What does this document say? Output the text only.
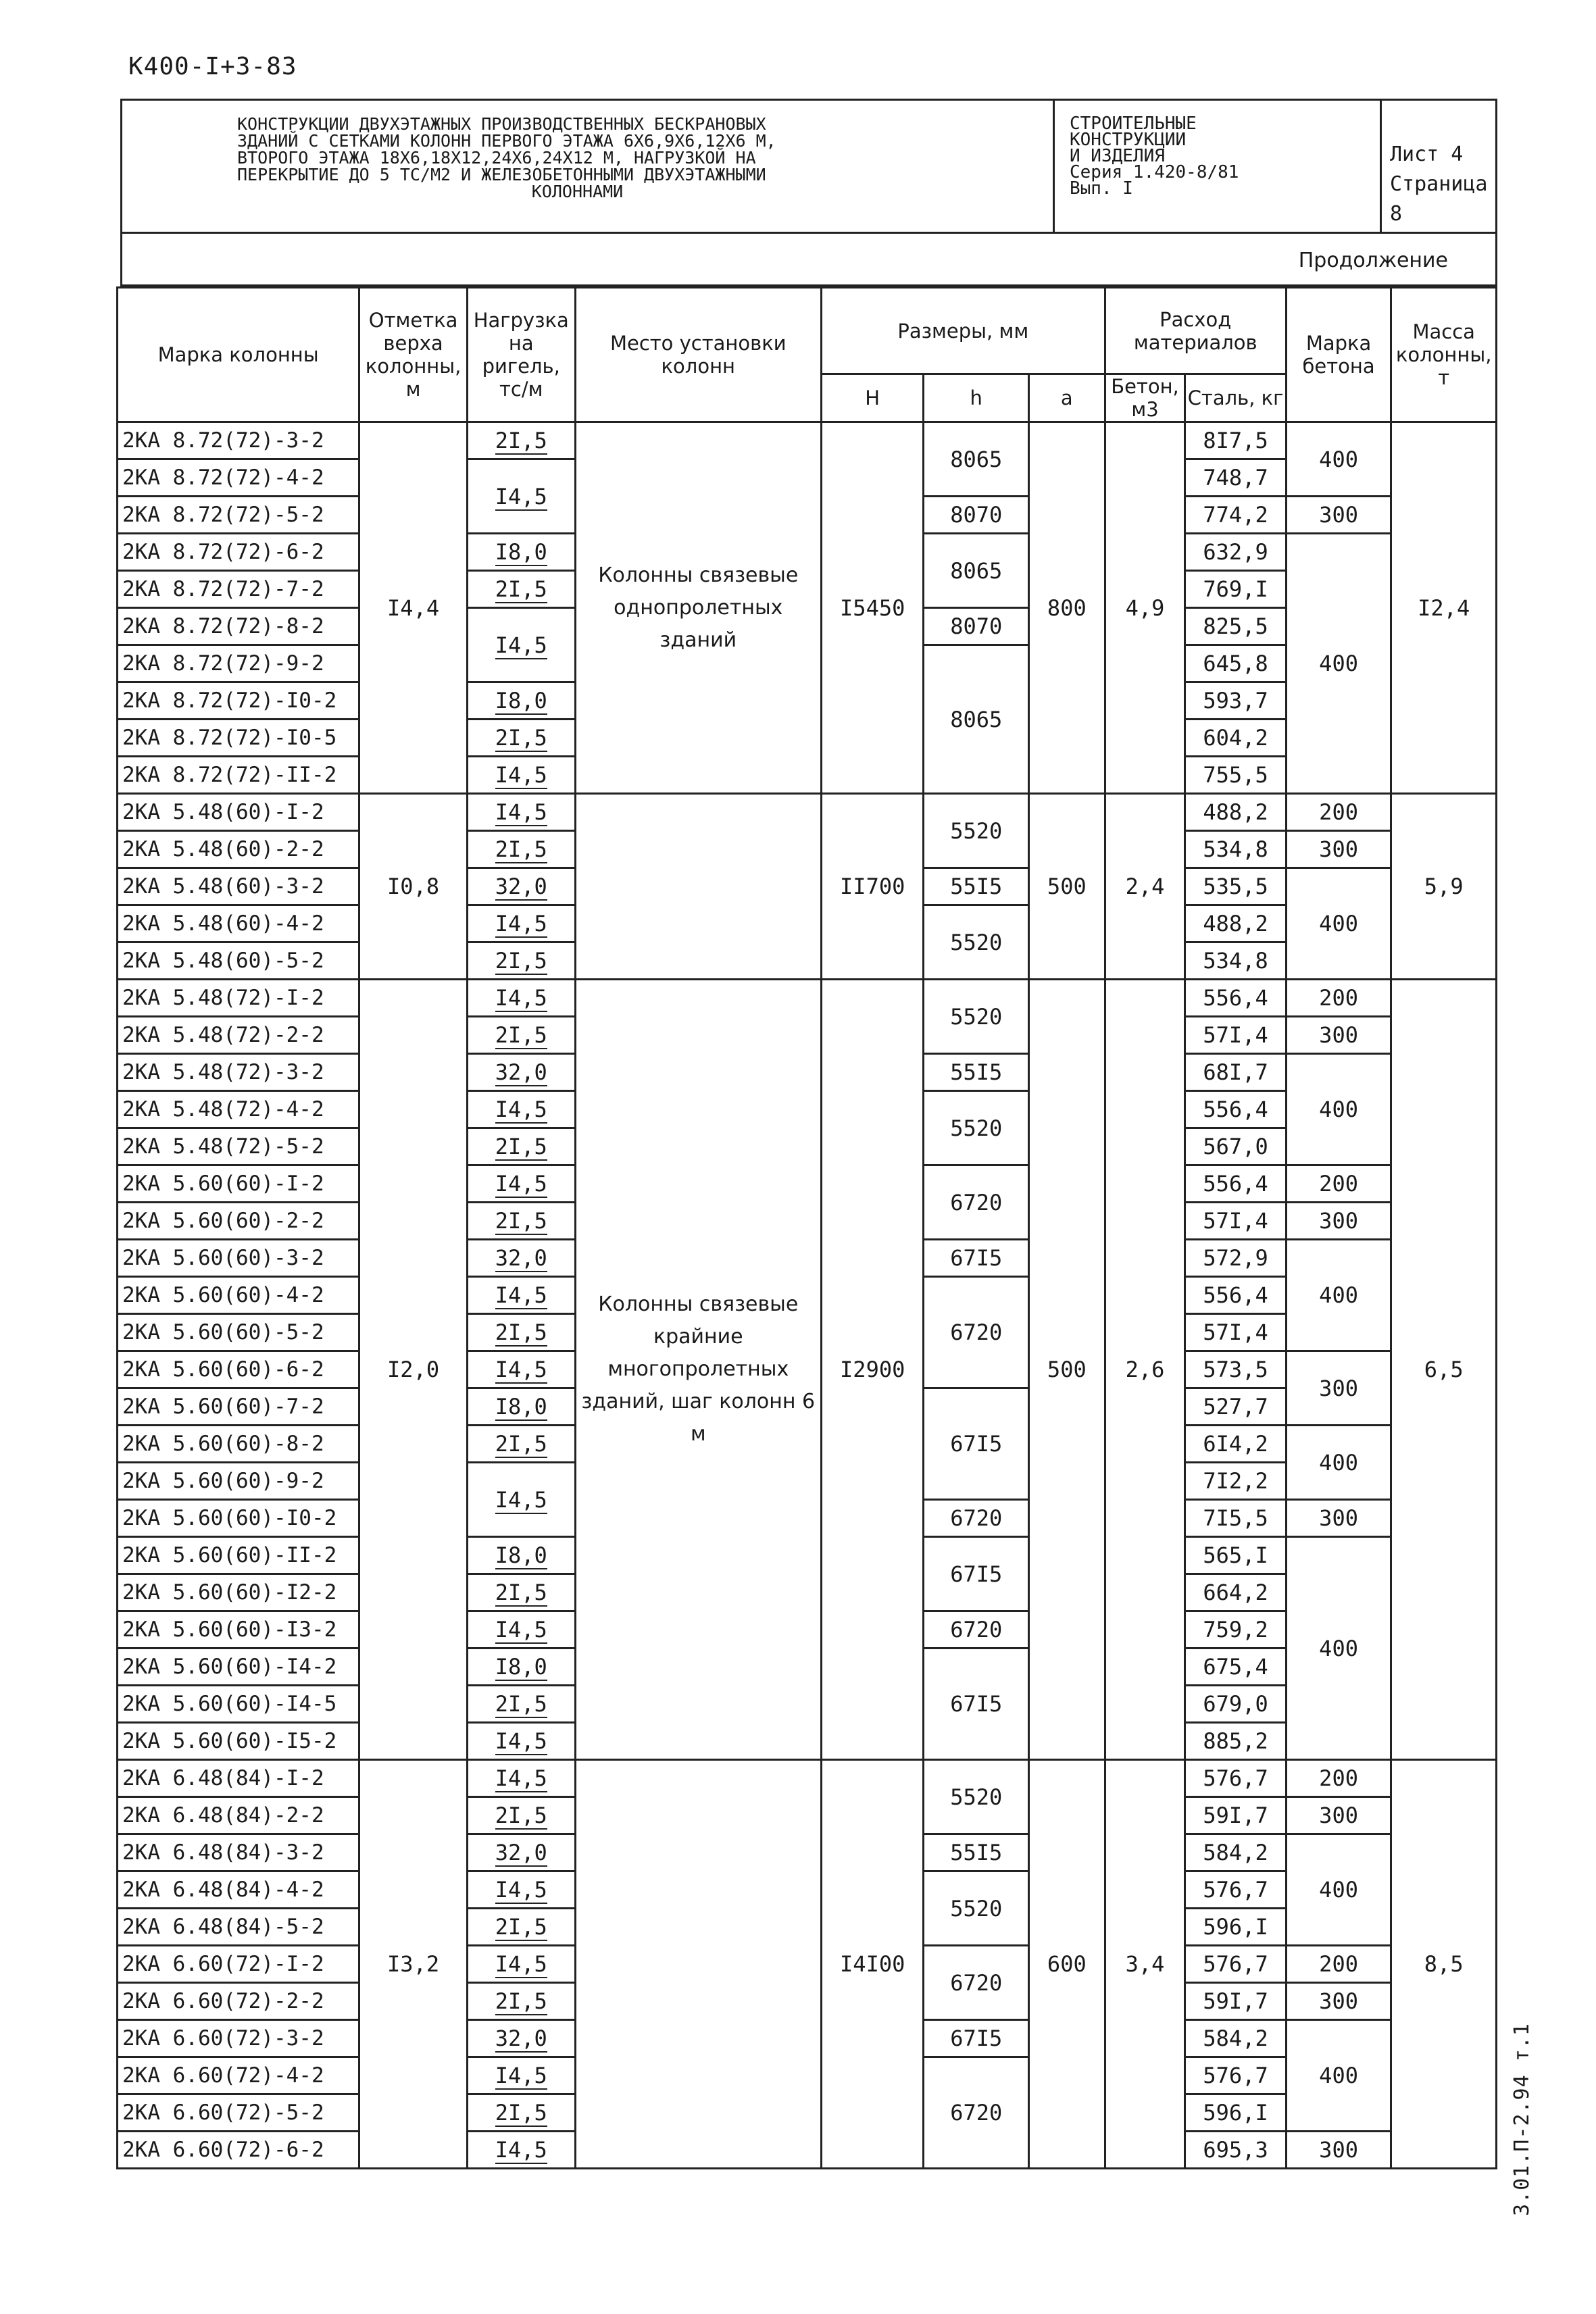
К400-I+3-83
3.01.П-2.94 т.1
КОНСТРУКЦИИ ДВУХЭТАЖНЫХ ПРОИЗВОДСТВЕННЫХ БЕСКРАНОВЫХ
ЗДАНИЙ С СЕТКАМИ КОЛОНН ПЕРВОГО ЭТАЖА 6Х6,9Х6,12Х6 М,
ВТОРОГО ЭТАЖА 18Х6,18Х12,24Х6,24Х12 М, НАГРУЗКОЙ НА
ПЕРЕКРЫТИЕ ДО 5 ТС/М2 И ЖЕЛЕЗОБЕТОННЫМИ ДВУХЭТАЖНЫМИ
КОЛОННАМИ
СТРОИТЕЛЬНЫЕ
КОНСТРУКЦИИ
И ИЗДЕЛИЯ
Серия 1.420-8/81
Вып. I
Лист 4
Страница 8
Продолжение
Марка колонны	Отметка верха колонны, м	Нагрузка на ригель, тс/м	Место установки колонн	Размеры, мм			Расход материалов		Марка бетона	Масса колонны, т
				Н	h	а	Бетон, м3	Сталь, кг		
2КА 8.72(72)-3-2	I4,4	2I,5	Колонны связевые однопролетных зданий	I5450	8065	800	4,9	8I7,5	400	I2,4
2КА 8.72(72)-4-2		I4,5						748,7		
2КА 8.72(72)-5-2					8070			774,2	300	
2КА 8.72(72)-6-2		I8,0			8065			632,9	400	
2КА 8.72(72)-7-2		2I,5						769,I		
2КА 8.72(72)-8-2		I4,5			8070			825,5		
2КА 8.72(72)-9-2					8065			645,8		
2КА 8.72(72)-I0-2		I8,0						593,7		
2КА 8.72(72)-I0-5		2I,5						604,2		
2КА 8.72(72)-II-2		I4,5						755,5		
2КА 5.48(60)-I-2	I0,8	I4,5		II700	5520	500	2,4	488,2	200	5,9
2КА 5.48(60)-2-2		2I,5						534,8	300	
2КА 5.48(60)-3-2		32,0			55I5			535,5	400	
2КА 5.48(60)-4-2		I4,5			5520			488,2		
2КА 5.48(60)-5-2		2I,5						534,8		
2КА 5.48(72)-I-2	I2,0	I4,5	Колонны связевые крайние многопролетных зданий, шаг колонн 6 м	I2900	5520	500	2,6	556,4	200	6,5
2КА 5.48(72)-2-2		2I,5						57I,4	300	
2КА 5.48(72)-3-2		32,0			55I5			68I,7	400	
2КА 5.48(72)-4-2		I4,5			5520			556,4		
2КА 5.48(72)-5-2		2I,5						567,0		
2КА 5.60(60)-I-2		I4,5			6720			556,4	200	
2КА 5.60(60)-2-2		2I,5						57I,4	300	
2КА 5.60(60)-3-2		32,0			67I5			572,9	400	
2КА 5.60(60)-4-2		I4,5			6720			556,4		
2КА 5.60(60)-5-2		2I,5						57I,4		
2КА 5.60(60)-6-2		I4,5						573,5	300	
2КА 5.60(60)-7-2		I8,0			67I5			527,7		
2КА 5.60(60)-8-2		2I,5						6I4,2	400	
2КА 5.60(60)-9-2		I4,5						7I2,2		
2КА 5.60(60)-I0-2					6720			7I5,5	300	
2КА 5.60(60)-II-2		I8,0			67I5			565,I	400	
2КА 5.60(60)-I2-2		2I,5						664,2		
2КА 5.60(60)-I3-2		I4,5			6720			759,2		
2КА 5.60(60)-I4-2		I8,0			67I5			675,4		
2КА 5.60(60)-I4-5		2I,5						679,0		
2КА 5.60(60)-I5-2		I4,5						885,2		
2КА 6.48(84)-I-2	I3,2	I4,5		I4I00	5520	600	3,4	576,7	200	8,5
2КА 6.48(84)-2-2		2I,5						59I,7	300	
2КА 6.48(84)-3-2		32,0			55I5			584,2	400	
2КА 6.48(84)-4-2		I4,5			5520			576,7		
2КА 6.48(84)-5-2		2I,5						596,I		
2КА 6.60(72)-I-2		I4,5			6720			576,7	200	
2КА 6.60(72)-2-2		2I,5						59I,7	300	
2КА 6.60(72)-3-2		32,0			67I5			584,2	400	
2КА 6.60(72)-4-2		I4,5			6720			576,7		
2КА 6.60(72)-5-2		2I,5						596,I		
2КА 6.60(72)-6-2		I4,5						695,3	300	
